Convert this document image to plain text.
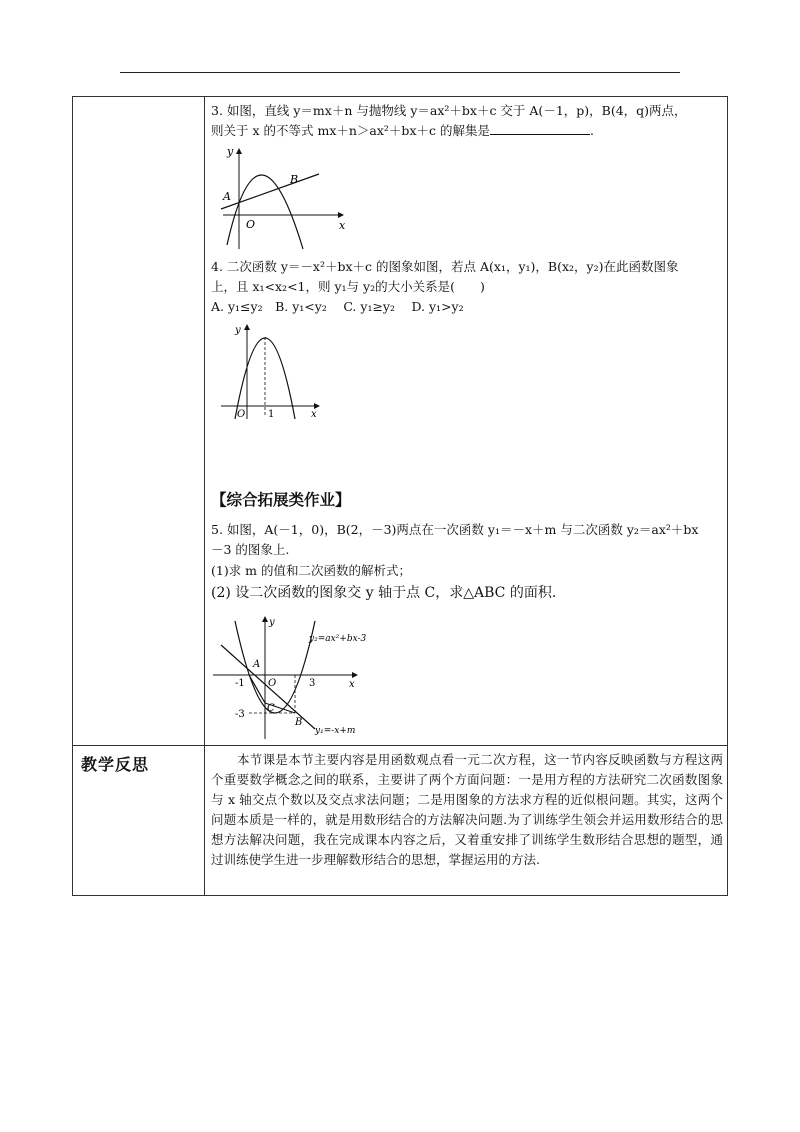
3. 如图，直线 y＝mx＋n 与抛物线 y＝ax²＋bx＋c 交于 A(－1，p)，B(4，q)两点，
则关于 x 的不等式 mx＋n＞ax²＋bx＋c 的解集是	.
y
x
O
A
B
4. 二次函数 y＝－x²＋bx＋c 的图象如图，若点 A(x₁，y₁)，B(x₂，y₂)在此函数图象
上，且 x₁<x₂<1，则 y₁与 y₂的大小关系是(　　)
A. y₁≤y₂　B. y₁<y₂　 C. y₁≥y₂　 D. y₁>y₂
y
x
O 1
【综合拓展类作业】
5. 如图，A(－1，0)，B(2，－3)两点在一次函数 y₁＝－x＋m 与二次函数 y₂＝ax²＋bx
－3 的图象上.
(1)求 m 的值和二次函数的解析式；
(2) 设二次函数的图象交 y 轴于点 C，求△ABC 的面积.
y
x
O
A
B
C
-1	3
-3
y₂=ax²+bx-3
y₁=-x+m
教学反思	本节课是本节主要内容是用函数观点看一元二次方程，这一节内容反映函数与方程这两个重要数学概念之间的联系，主要讲了两个方面问题：一是用方程的方法研究二次函数图象与 x 轴交点个数以及交点求法问题；二是用图象的方法求方程的近似根问题。其实，这两个问题本质是一样的，就是用数形结合的方法解决问题.为了训练学生领会并运用数形结合的思想方法解决问题，我在完成课本内容之后，又着重安排了训练学生数形结合思想的题型，通过训练使学生进一步理解数形结合的思想，掌握运用的方法.
